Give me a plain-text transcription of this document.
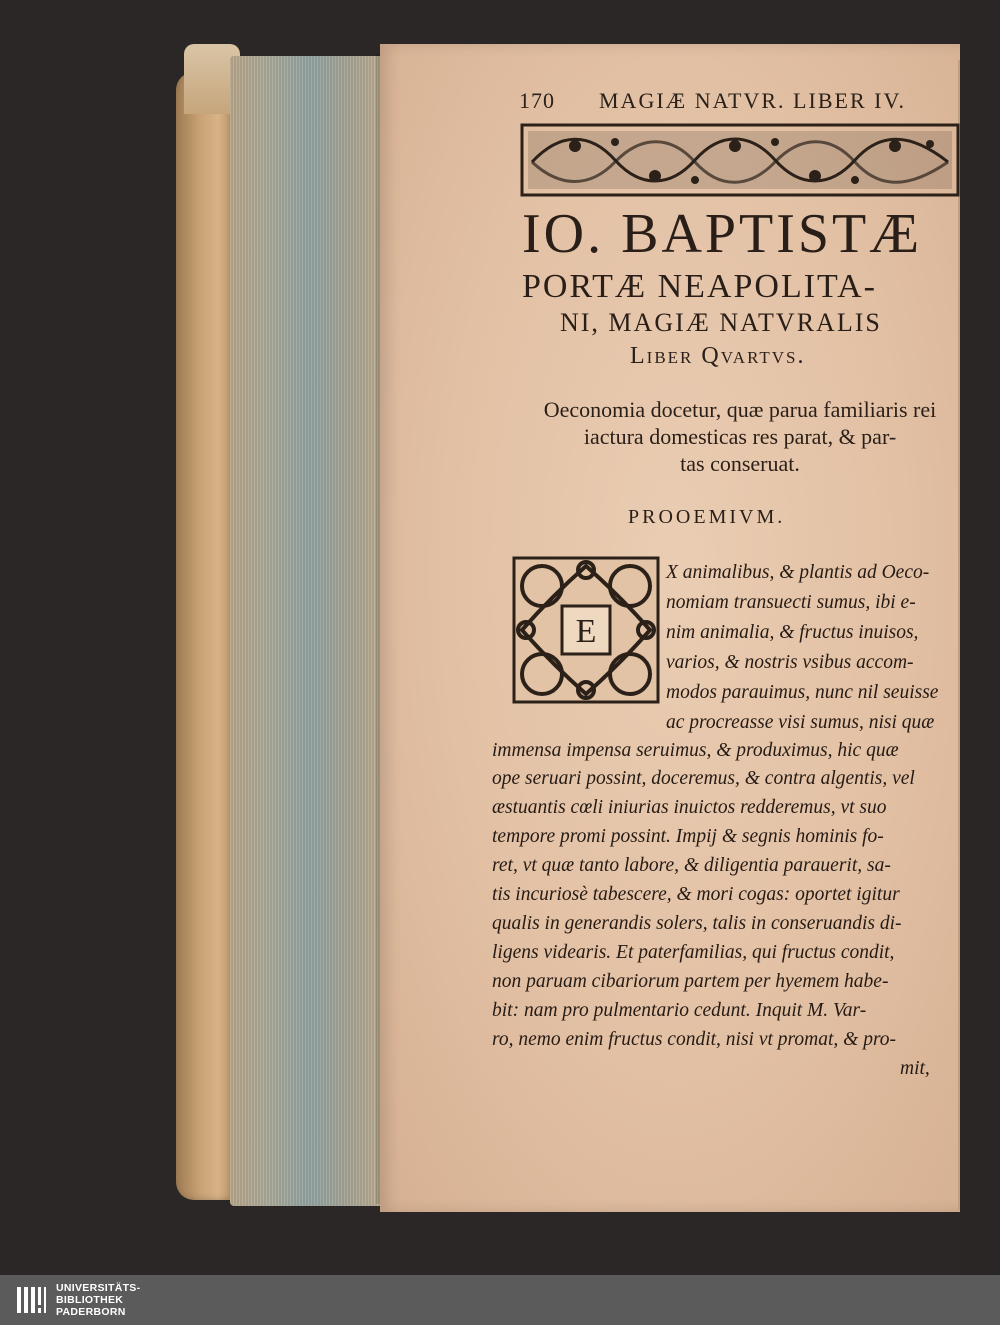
170 MAGIÆ NATVR. LIBER IV.
IO. BAPTISTÆ
PORTÆ NEAPOLITA-
NI, MAGIÆ NATVRALIS
Liber Qvartvs.
Oeconomia docetur, quæ parua familiaris rei
iactura domesticas res parat, & par-
tas conseruat.
PROOEMIVM.
E
X animalibus, & plantis ad Oeco-
nomiam transuecti sumus, ibi e-
nim animalia, & fructus inuisos,
varios, & nostris vsibus accom-
modos parauimus, nunc nil seuisse
ac procreasse visi sumus, nisi quæ
immensa impensa seruimus, & produximus, hic quæ
ope seruari possint, doceremus, & contra algentis, vel
æstuantis cœli iniurias inuictos redderemus, vt suo
tempore promi possint. Impij & segnis hominis fo-
ret, vt quæ tanto labore, & diligentia parauerit, sa-
tis incuriosè tabescere, & mori cogas: oportet igitur
qualis in generandis solers, talis in conseruandis di-
ligens videaris. Et paterfamilias, qui fructus condit,
non paruam cibariorum partem per hyemem habe-
bit: nam pro pulmentario cedunt. Inquit M. Var-
ro, nemo enim fructus condit, nisi vt promat, & pro-
mit,
UNIVERSITÄTS-
BIBLIOTHEK
PADERBORN
